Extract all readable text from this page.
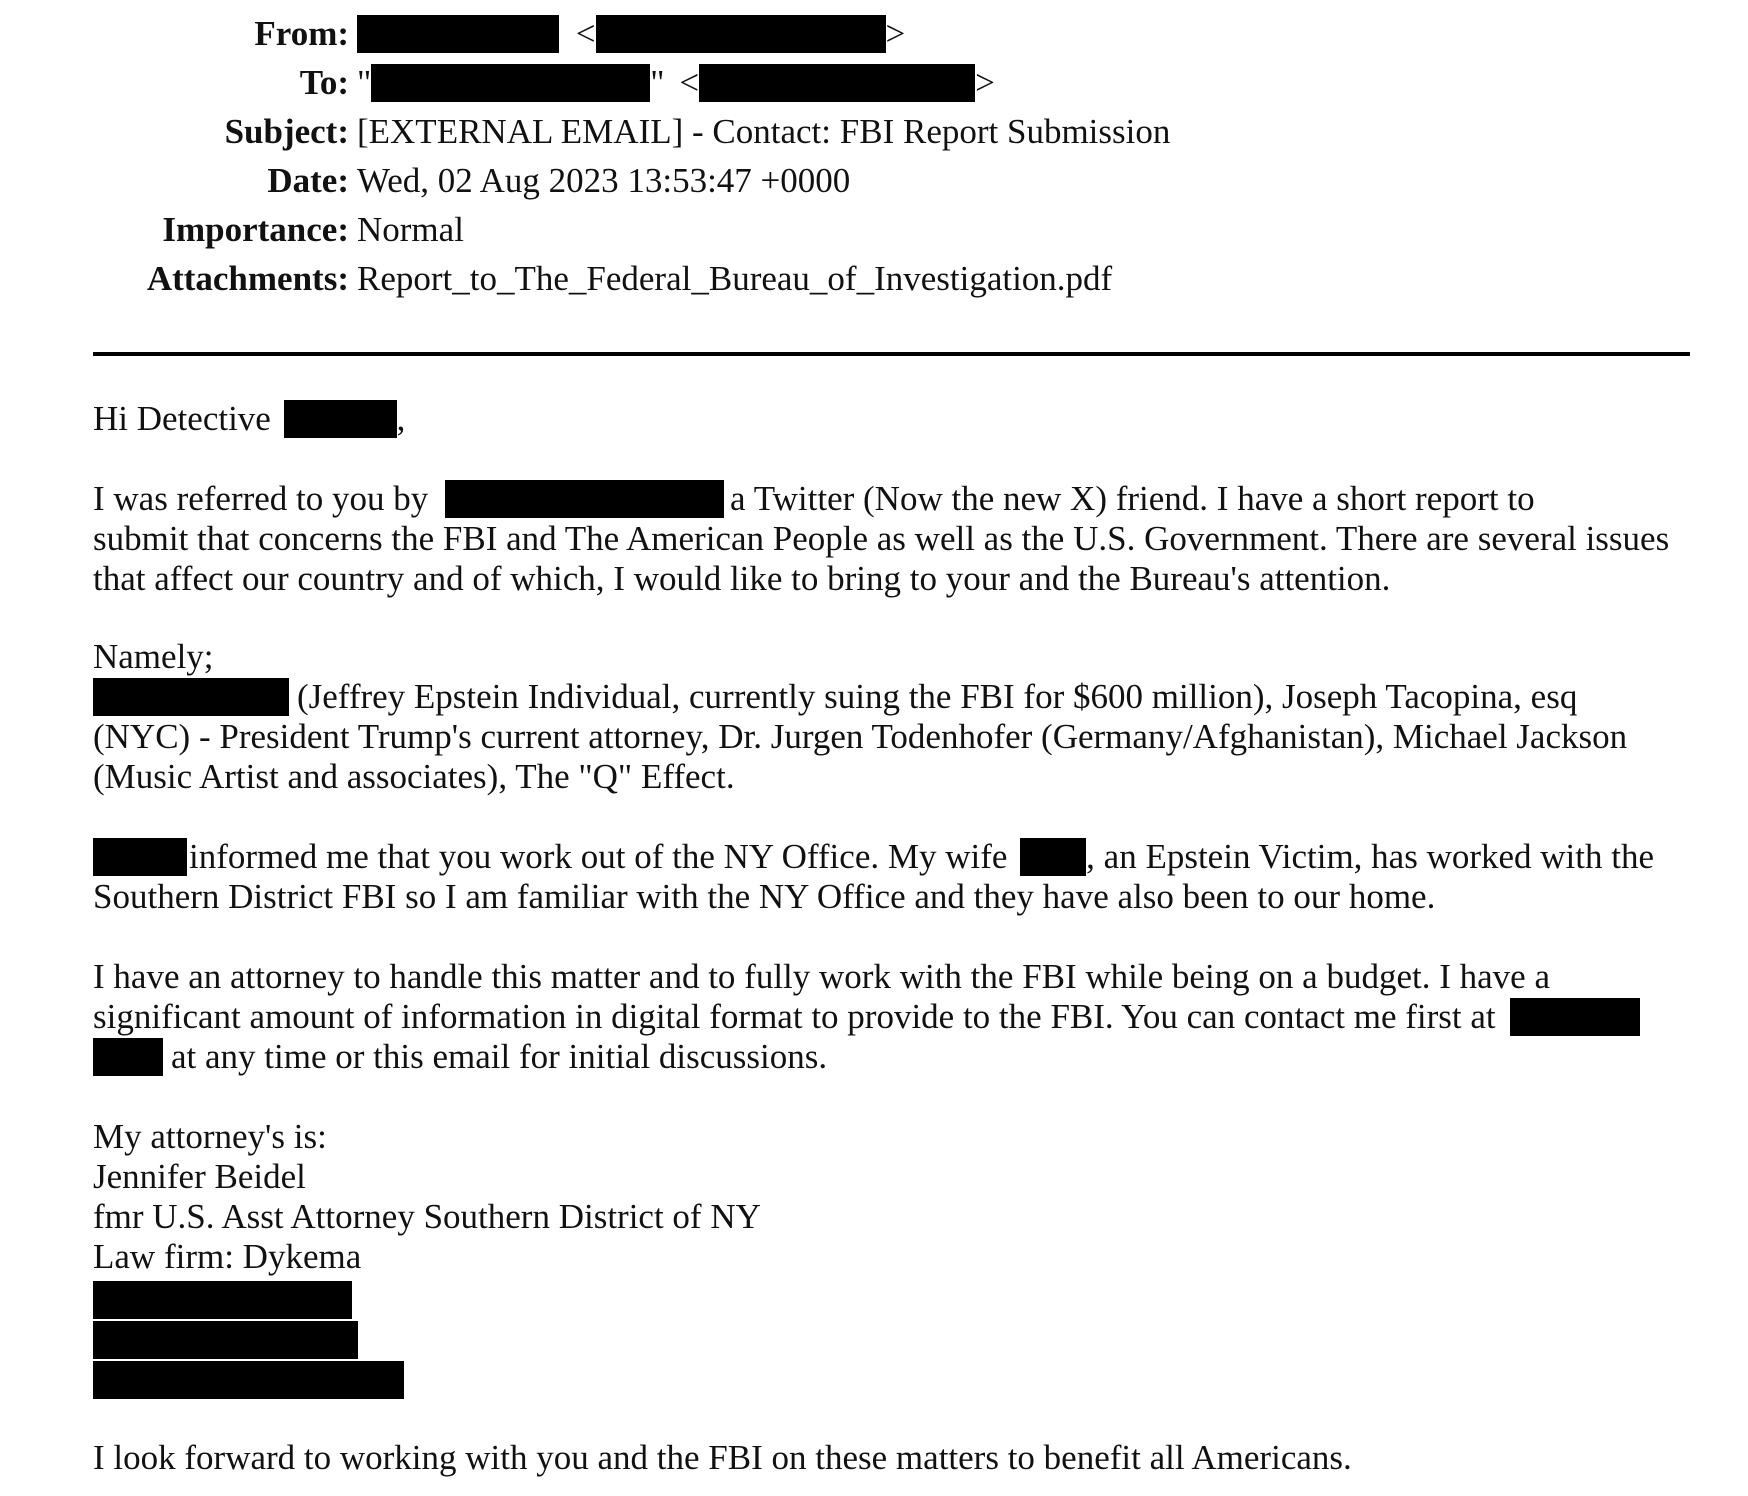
From:	<	>
To: "	" <	>
Subject: [EXTERNAL EMAIL] - Contact: FBI Report Submission
Date: Wed, 02 Aug 2023 13:53:47 +0000
Importance: Normal
Attachments: Report_to_The_Federal_Bureau_of_Investigation.pdf
Hi Detective	,
I was referred to you by	a Twitter (Now the new X) friend. I have a short report to
submit that concerns the FBI and The American People as well as the U.S. Government. There are several issues
that affect our country and of which, I would like to bring to your and the Bureau's attention.
Namely;
(Jeffrey Epstein Individual, currently suing the FBI for $600 million), Joseph Tacopina, esq
(NYC) - President Trump's current attorney, Dr. Jurgen Todenhofer (Germany/Afghanistan), Michael Jackson
(Music Artist and associates), The "Q" Effect.
informed me that you work out of the NY Office. My wife , an Epstein Victim, has worked with the
Southern District FBI so I am familiar with the NY Office and they have also been to our home.
I have an attorney to handle this matter and to fully work with the FBI while being on a budget. I have a
significant amount of information in digital format to provide to the FBI. You can contact me first at
at any time or this email for initial discussions.
My attorney's is:
Jennifer Beidel
fmr U.S. Asst Attorney Southern District of NY
Law firm: Dykema
I look forward to working with you and the FBI on these matters to benefit all Americans.
